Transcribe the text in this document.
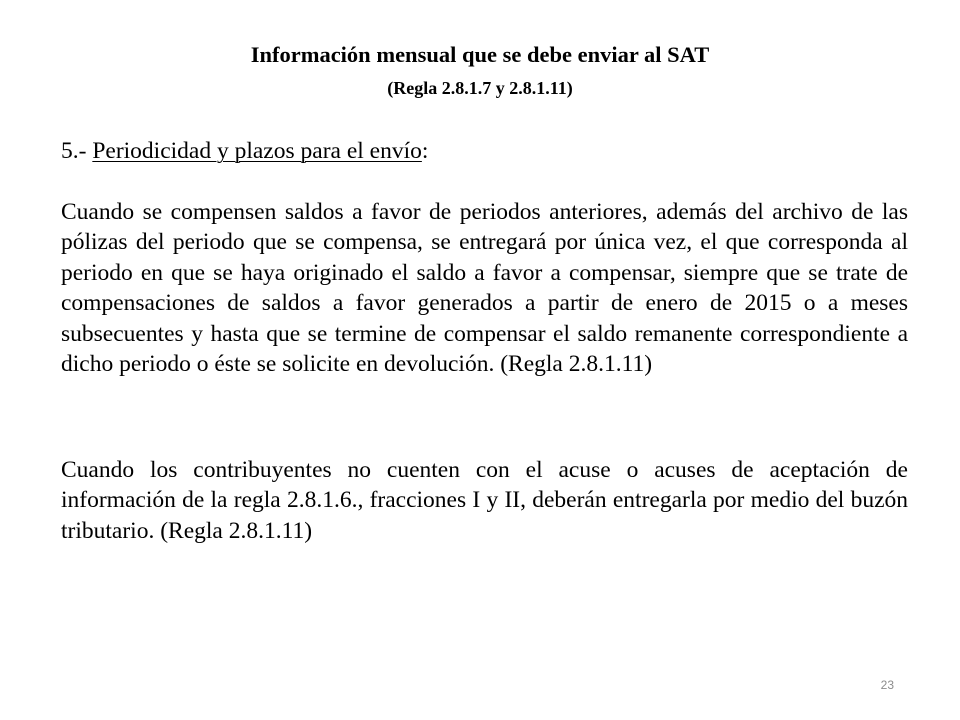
Información mensual que se debe enviar al SAT
(Regla 2.8.1.7 y 2.8.1.11)

5.- Periodicidad y plazos para el envío:

Cuando se compensen saldos a favor de periodos anteriores, además del archivo de las pólizas del periodo que se compensa, se entregará por única vez, el que corresponda al periodo en que se haya originado el saldo a favor a compensar, siempre que se trate de compensaciones de saldos a favor generados a partir de enero de 2015 o a meses subsecuentes y hasta que se termine de compensar el saldo remanente correspondiente a dicho periodo o éste se solicite en devolución. (Regla 2.8.1.11)

Cuando los contribuyentes no cuenten con el acuse o acuses de aceptación de información de la regla 2.8.1.6., fracciones I y II, deberán entregarla por medio del buzón tributario. (Regla 2.8.1.11)

23
